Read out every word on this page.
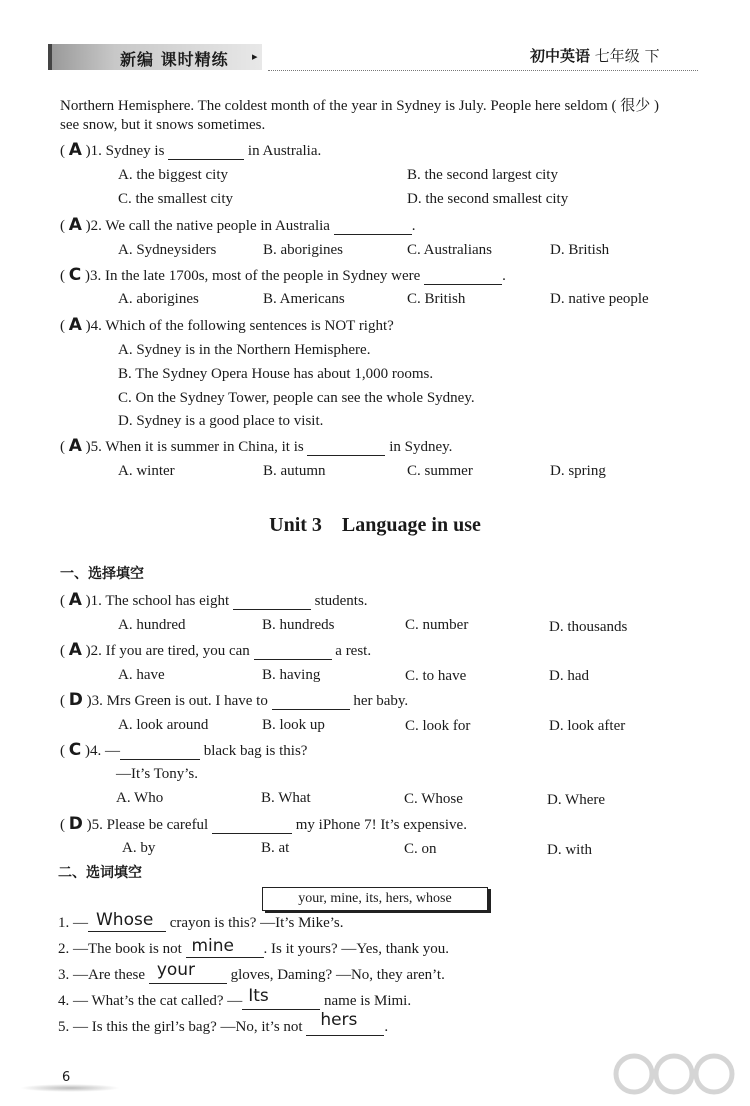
新编 课时精练 ▸	初中英语 七年级 下
Northern Hemisphere. The coldest month of the year in Sydney is July. People here seldom ( 很少 )
see snow, but it snows sometimes.
( A )1. Sydney is	in Australia.
A. the biggest city	B. the second largest city
C. the smallest city	D. the second smallest city
( A )2. We call the native people in Australia	.
A. Sydneysiders	B. aborigines	C. Australians	D. British
( C )3. In the late 1700s, most of the people in Sydney were	.
A. aborigines	B. Americans	C. British	D. native people
( A )4. Which of the following sentences is NOT right?
A. Sydney is in the Northern Hemisphere.
B. The Sydney Opera House has about 1,000 rooms.
C. On the Sydney Tower, people can see the whole Sydney.
D. Sydney is a good place to visit.
( A )5. When it is summer in China, it is	in Sydney.
A. winter	B. autumn	C. summer	D. spring
Unit 3    Language in use
一、选择填空
( A )1. The school has eight	students.
A. hundred	B. hundreds	C. number	D. thousands
( A )2. If you are tired, you can	a rest.
A. have	B. having	C. to have	D. had
( D )3. Mrs Green is out. I have to	her baby.
A. look around	B. look up	C. look for	D. look after
( C )4. —	black bag is this?
—It’s Tony’s.
A. Who	B. What	C. Whose	D. Where
( D )5. Please be careful	my iPhone 7! It’s expensive.
A. by	B. at	C. on	D. with
二、选词填空
your, mine, its, hers, whose
1. — Whose crayon is this? —It’s Mike’s.
2. —The book is not mine . Is it yours? —Yes, thank you.
3. —Are these your gloves, Daming? —No, they aren’t.
4. — What’s the cat called? — Its	name is Mimi.
5. — Is this the girl’s bag? —No, it’s not hers .
6
